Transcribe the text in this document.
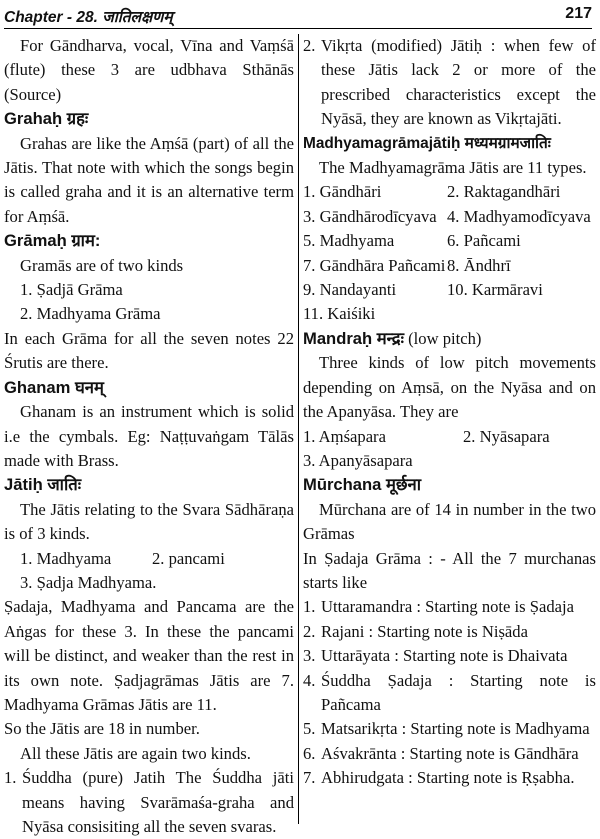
Chapter - 28. जातिलक्षणम्	217

For Gāndharva, vocal, Vīna and Vaṃśā (flute) these 3 are udbhava Sthānās (Source)

Grahaḥ ग्रहः

Grahas are like the Aṃśā (part) of all the Jātis. That note with which the songs begin is called graha and it is an alternative term for Aṃśā.

Grāmaḥ ग्राम:

Gramās are of two kinds

1. Ṣadjā Grāma

2. Madhyama Grāma

In each Grāma for all the seven notes 22 Śrutis are there.

Ghanam घनम्

Ghanam is an instrument which is solid i.e the cymbals. Eg: Naṭṭuvaṅgam Tālās made with Brass.

Jātiḥ जातिः

The Jātis relating to the Svara Sādhāraṇa is of 3 kinds.

1. Madhyama	2. pancami

3. Ṣadja Madhyama.

Ṣadaja, Madhyama and Pancama are the Aṅgas for these 3. In these the pancami will be distinct, and weaker than the rest in its own note. Ṣadjagrāmas Jātis are 7. Madhyama Grāmas Jātis are 11.

So the Jātis are 18 in number.

All these Jātis are again two kinds.

1. Śuddha (pure) Jatih The Śuddha jāti means having Svarāmaśa-graha and Nyāsa consisiting all the seven svaras.
2. Vikṛta (modified) Jātiḥ : when few of these Jātis lack 2 or more of the prescribed characteristics except the Nyāsā, they are known as Vikṛtajāti.
Madhyamagrāmajātiḥ मध्यमग्रामजातिः

The Madhyamagrāma Jātis are 11 types.

1. Gāndhāri	2. Raktagandhāri
3. Gāndhārodīcyava 4. Madhyamodīcyava
5. Madhyama	6. Pañcami
7. Gāndhāra Pañcami 8. Āndhrī
9. Nandayanti	10. Karmāravi

11. Kaiśiki

Mandraḥ मन्द्रः (low pitch)

Three kinds of low pitch movements depending on Aṃsā, on the Nyāsa and on the Apanyāsa. They are

1. Aṃśapara	2. Nyāsapara

3. Apanyāsapara

Mūrchana मूर्छना

Mūrchana are of 14 in number in the two Grāmas

In Ṣadaja Grāma : - All the 7 murchanas starts like

1. Uttaramandra : Starting note is Ṣadaja
2. Rajani : Starting note is Niṣāda
3. Uttarāyata : Starting note is Dhaivata
4. Śuddha Ṣadaja : Starting note is Pañcama
5. Matsarikṛta : Starting note is Madhyama
6. Aśvakrānta : Starting note is Gāndhāra
7. Abhirudgata : Starting note is Ṛṣabha.
